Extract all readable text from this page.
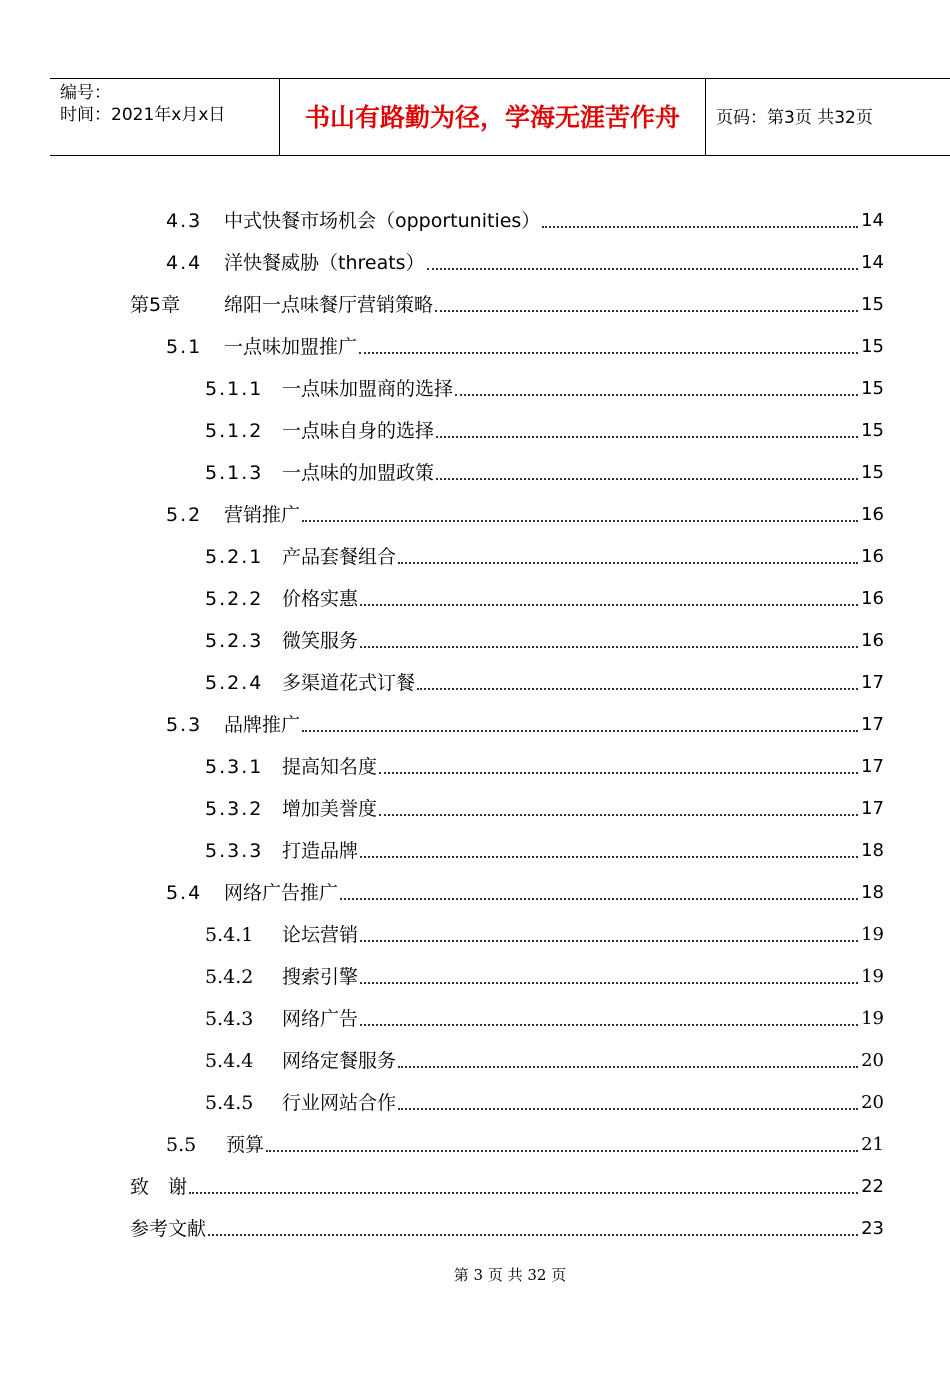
编号：
时间：2021年x月x日	书山有路勤为径，学海无涯苦作舟	页码：第3页 共32页
4.3	中式快餐市场机会（opportunities）	14
4.4	洋快餐威胁（threats）	14
第5章	绵阳一点味餐厅营销策略	15
5.1	一点味加盟推广	15
5.1.1 一点味加盟商的选择	15
5.1.2 一点味自身的选择	15
5.1.3 一点味的加盟政策	15
5.2	营销推广	16
5.2.1 产品套餐组合	16
5.2.2 价格实惠	16
5.2.3 微笑服务	16
5.2.4 多渠道花式订餐	17
5.3	品牌推广	17
5.3.1 提高知名度	17
5.3.2 增加美誉度	17
5.3.3 打造品牌	18
5.4	网络广告推广	18
5.4.1	论坛营销	19
5.4.2	搜索引擎	19
5.4.3	网络广告	19
5.4.4	网络定餐服务	20
5.4.5	行业网站合作	20
5.5	预算	21
致　谢	22
参考文献	23
第 3 页 共 32 页
